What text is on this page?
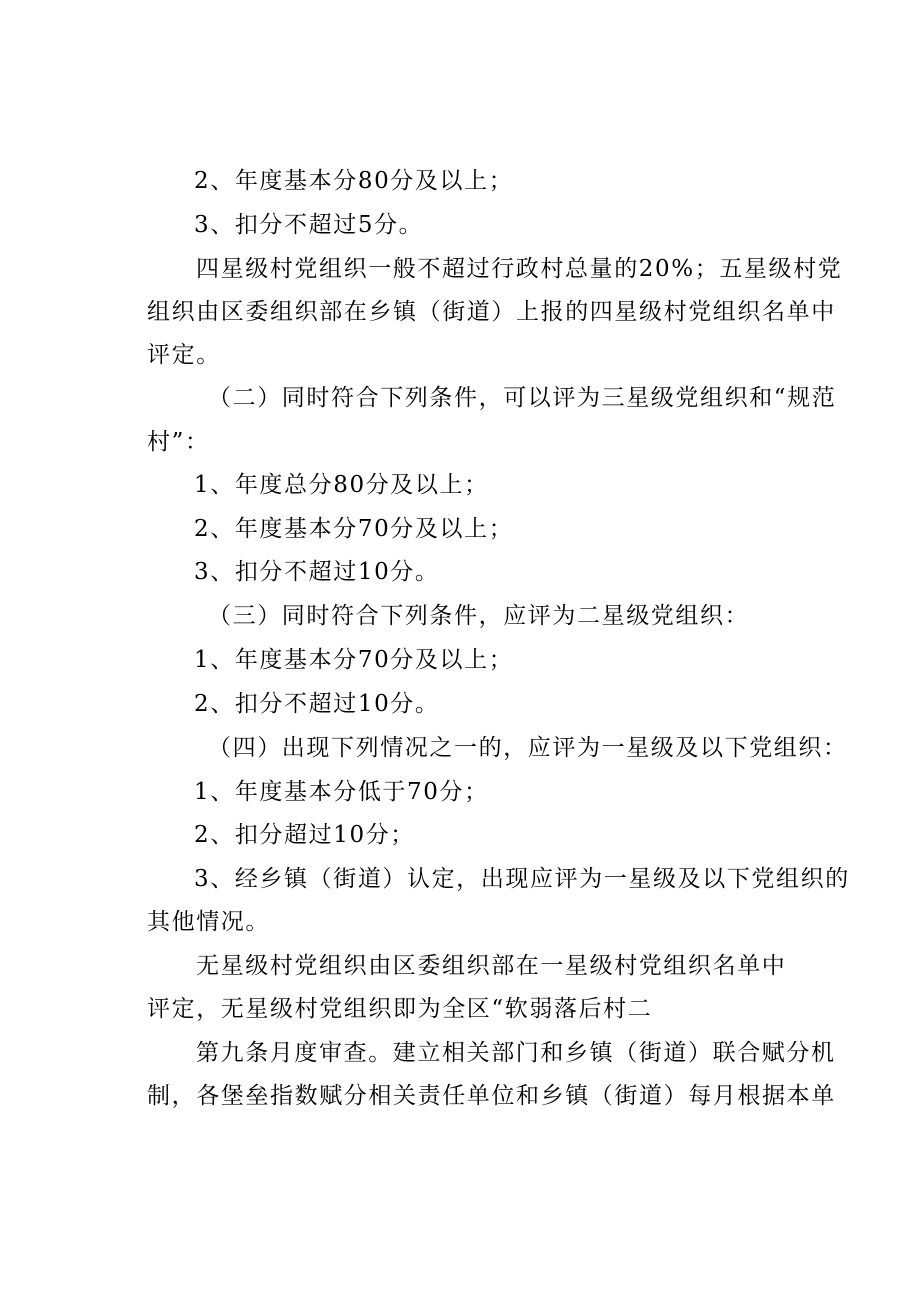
2、年度基本分80分及以上；
3、扣分不超过5分。
四星级村党组织一般不超过行政村总量的20%；五星级村党
组织由区委组织部在乡镇（街道）上报的四星级村党组织名单中
评定。
（二）同时符合下列条件，可以评为三星级党组织和“规范
村”：
1、年度总分80分及以上；
2、年度基本分70分及以上；
3、扣分不超过10分。
（三）同时符合下列条件，应评为二星级党组织：
1、年度基本分70分及以上；
2、扣分不超过10分。
（四）出现下列情况之一的，应评为一星级及以下党组织：
1、年度基本分低于70分；
2、扣分超过10分；
3、经乡镇（街道）认定，出现应评为一星级及以下党组织的
其他情况。
无星级村党组织由区委组织部在一星级村党组织名单中
评定，无星级村党组织即为全区“软弱落后村二
第九条月度审查。建立相关部门和乡镇（街道）联合赋分机
制，各堡垒指数赋分相关责任单位和乡镇（街道）每月根据本单
